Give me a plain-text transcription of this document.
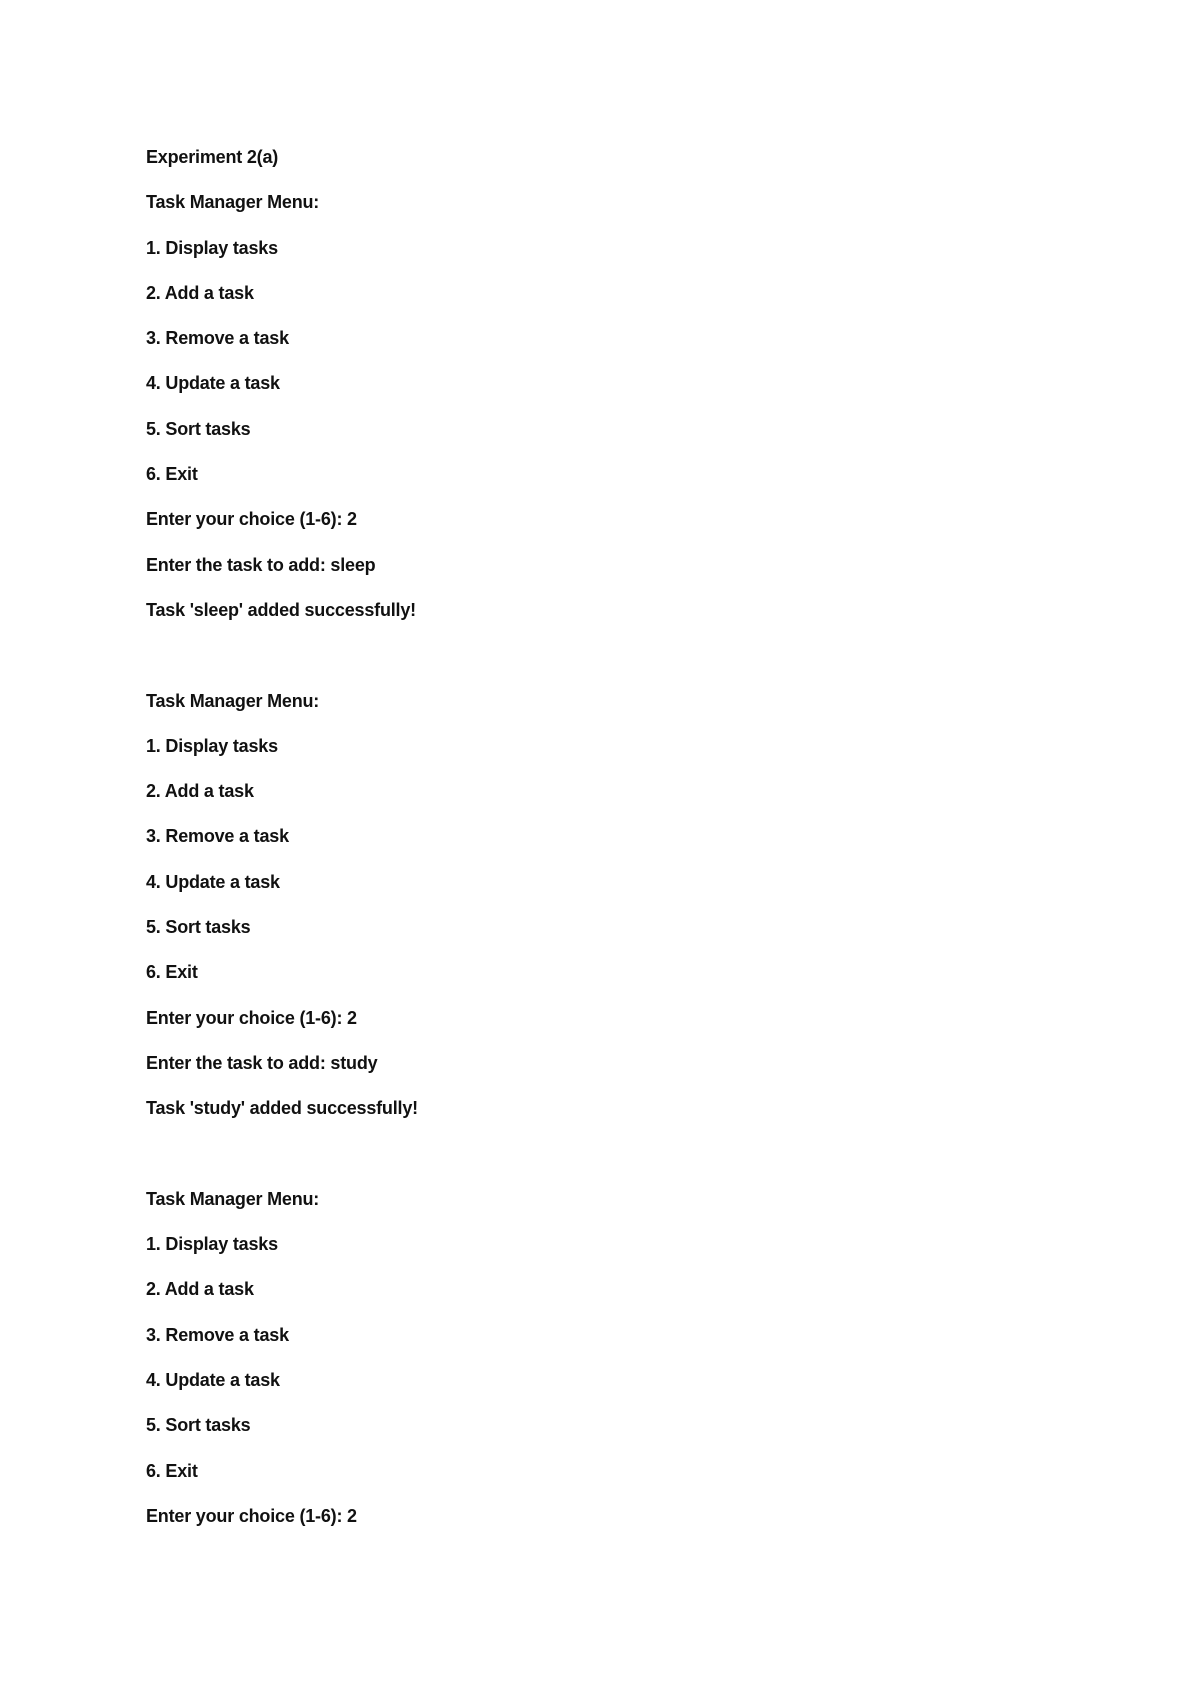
Experiment 2(a)
Task Manager Menu:
1. Display tasks
2. Add a task
3. Remove a task
4. Update a task
5. Sort tasks
6. Exit
Enter your choice (1-6): 2
Enter the task to add: sleep
Task 'sleep' added successfully!
Task Manager Menu:
1. Display tasks
2. Add a task
3. Remove a task
4. Update a task
5. Sort tasks
6. Exit
Enter your choice (1-6): 2
Enter the task to add: study
Task 'study' added successfully!
Task Manager Menu:
1. Display tasks
2. Add a task
3. Remove a task
4. Update a task
5. Sort tasks
6. Exit
Enter your choice (1-6): 2
